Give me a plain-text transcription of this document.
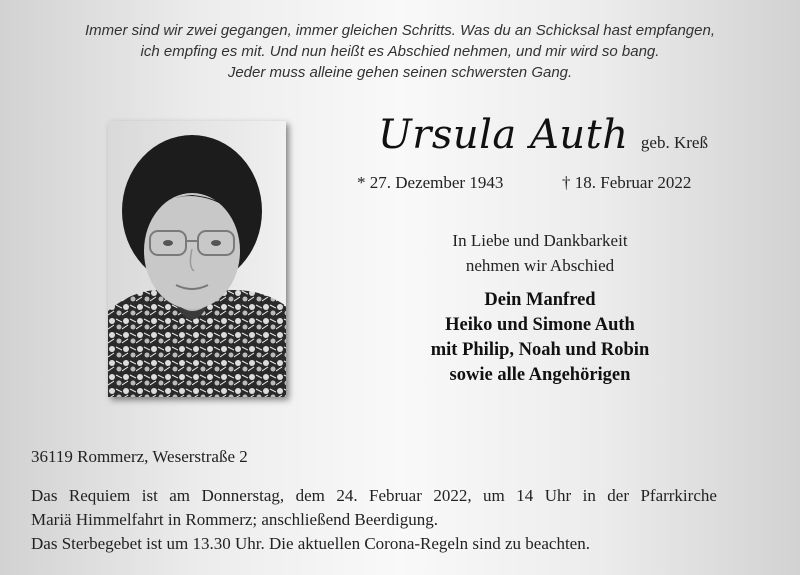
Immer sind wir zwei gegangen, immer gleichen Schritts. Was du an Schicksal hast empfangen,
ich empfing es mit. Und nun heißt es Abschied nehmen, und mir wird so bang.
Jeder muss alleine gehen seinen schwersten Gang.
Ursula Auth geb. Kreß
* 27. Dezember 1943	† 18. Februar 2022
In Liebe und Dankbarkeit
nehmen wir Abschied
Dein Manfred
Heiko und Simone Auth
mit Philip, Noah und Robin
sowie alle Angehörigen
36119 Rommerz, Weserstraße 2
Das Requiem ist am Donnerstag, dem 24. Februar 2022, um 14 Uhr in der Pfarrkirche
Mariä Himmelfahrt in Rommerz; anschließend Beerdigung.
Das Sterbegebet ist um 13.30 Uhr. Die aktuellen Corona-Regeln sind zu beachten.
